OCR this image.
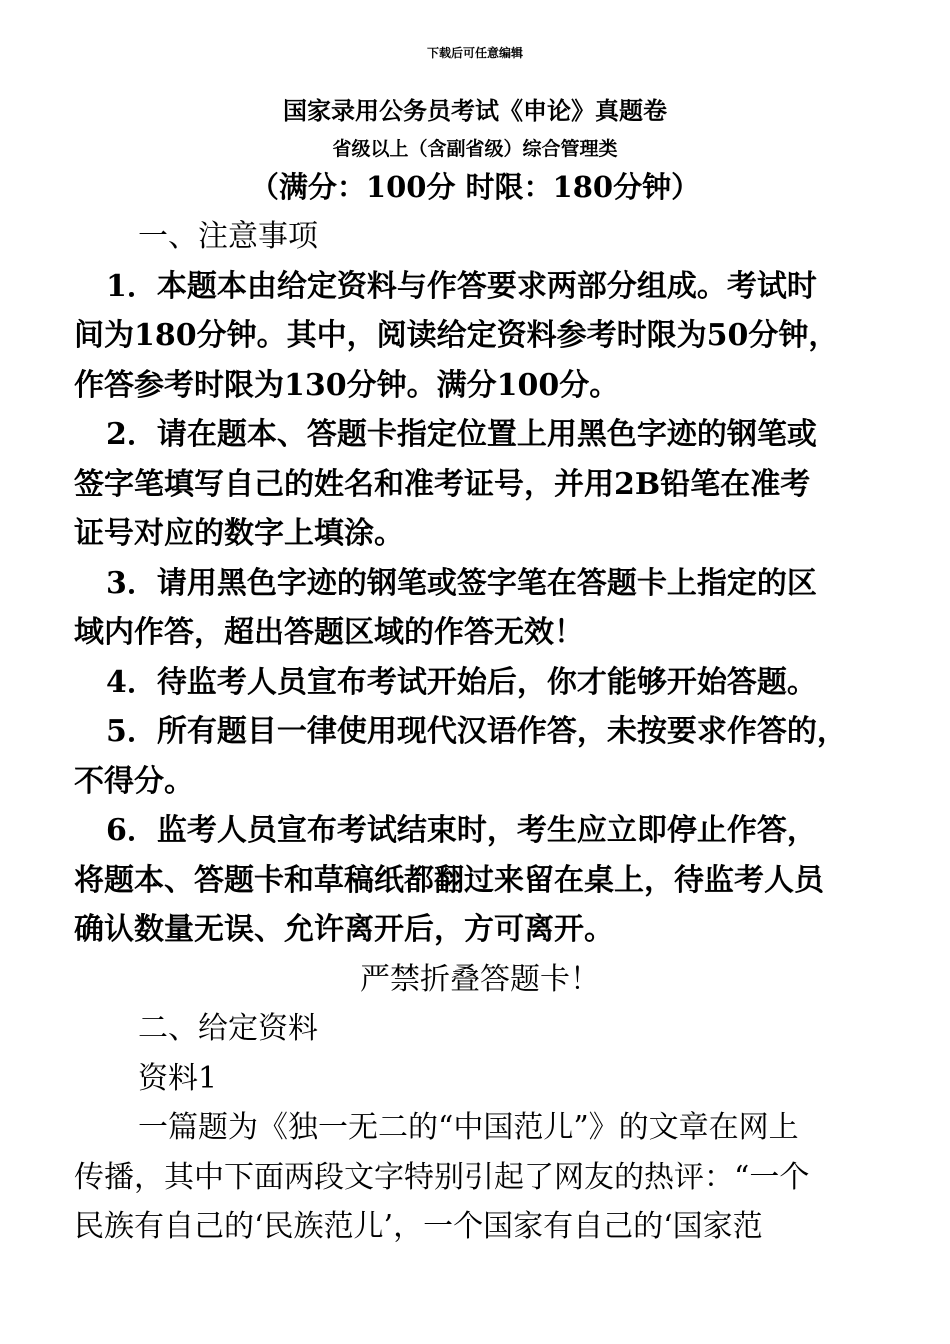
下载后可任意编辑
国家录用公务员考试《申论》真题卷
省级以上（含副省级）综合管理类
（满分：100分 时限：180分钟）
一、注意事项
1．本题本由给定资料与作答要求两部分组成。考试时
间为180分钟。其中，阅读给定资料参考时限为50分钟，
作答参考时限为130分钟。满分100分。
2．请在题本、答题卡指定位置上用黑色字迹的钢笔或
签字笔填写自己的姓名和准考证号，并用2B铅笔在准考
证号对应的数字上填涂。
3．请用黑色字迹的钢笔或签字笔在答题卡上指定的区
域内作答，超出答题区域的作答无效！
4．待监考人员宣布考试开始后，你才能够开始答题。
5．所有题目一律使用现代汉语作答，未按要求作答的，
不得分。
6．监考人员宣布考试结束时，考生应立即停止作答，
将题本、答题卡和草稿纸都翻过来留在桌上，待监考人员
确认数量无误、允许离开后，方可离开。
严禁折叠答题卡！
二、给定资料
资料1
一篇题为《独一无二的“中国范儿”》的文章在网上
传播，其中下面两段文字特别引起了网友的热评：“一个
民族有自己的‘民族范儿’，一个国家有自己的‘国家范
